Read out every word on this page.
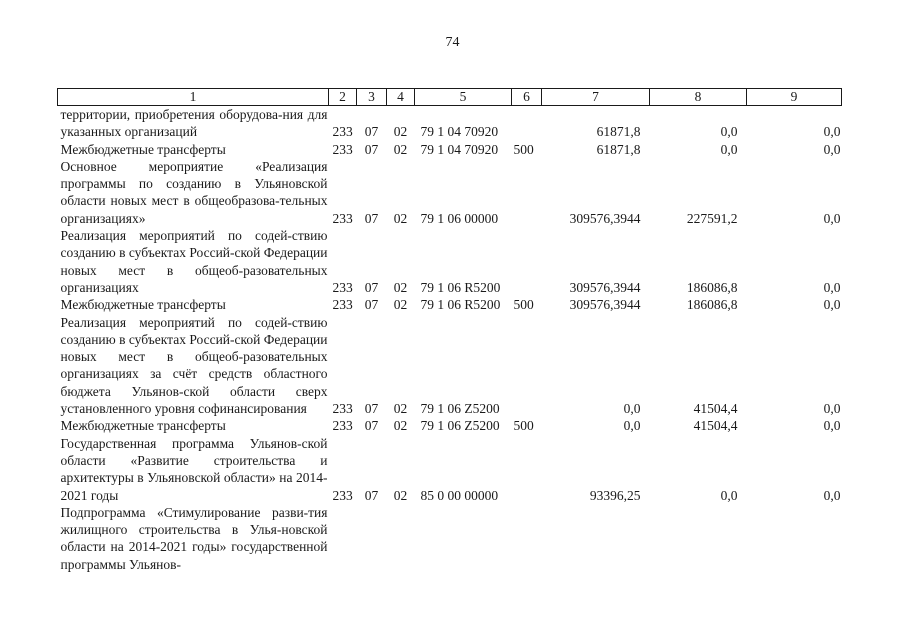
74
1	2	3	4	5	6	7	8	9
территории, приобретения оборудова-ния для указанных организаций	233	07	02	79 1 04 70920		61871,8	0,0	0,0
Межбюджетные трансферты	233	07	02	79 1 04 70920	500	61871,8	0,0	0,0
Основное мероприятие «Реализация программы по созданию в Ульяновской области новых мест в общеобразова-тельных организациях»	233	07	02	79 1 06 00000		309576,3944	227591,2	0,0
Реализация мероприятий по содей-ствию созданию в субъектах Россий-ской Федерации новых мест в общеоб-разовательных организациях	233	07	02	79 1 06 R5200		309576,3944	186086,8	0,0
Межбюджетные трансферты	233	07	02	79 1 06 R5200	500	309576,3944	186086,8	0,0
Реализация мероприятий по содей-ствию созданию в субъектах Россий-ской Федерации новых мест в общеоб-разовательных организациях за счёт средств областного бюджета Ульянов-ской области сверх установленного уровня софинансирования	233	07	02	79 1 06 Z5200		0,0	41504,4	0,0
Межбюджетные трансферты	233	07	02	79 1 06 Z5200	500	0,0	41504,4	0,0
Государственная программа Ульянов-ской области «Развитие строительства и архитектуры в Ульяновской области» на 2014-2021 годы	233	07	02	85 0 00 00000		93396,25	0,0	0,0
Подпрограмма «Стимулирование разви-тия жилищного строительства в Улья-новской области на 2014-2021 годы» государственной программы Ульянов-								
